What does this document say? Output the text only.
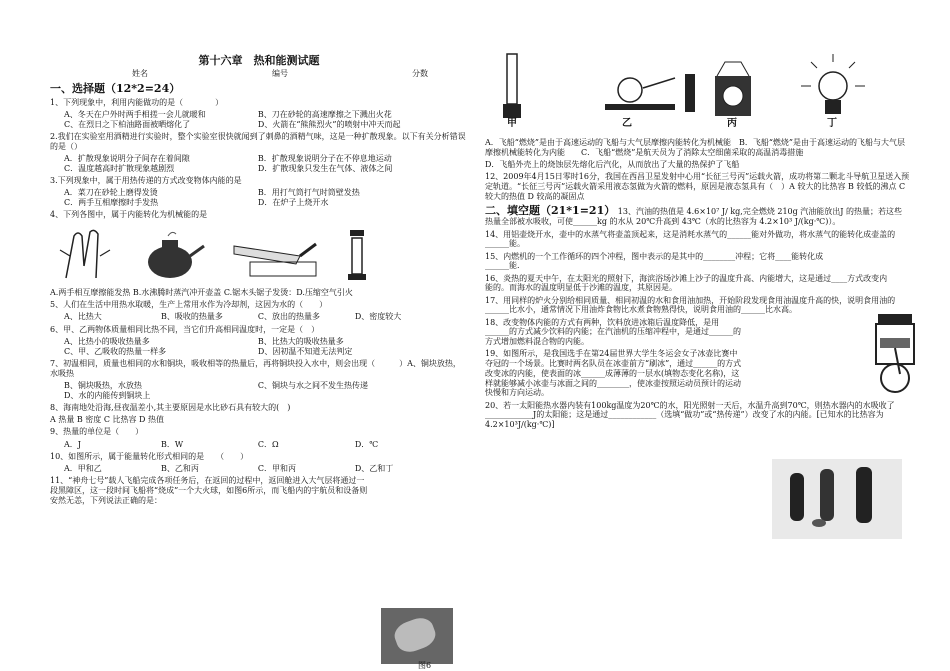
第十六章　热和能测试题
姓名	编号	分数
一、选择题（12*2=24）
1、下列现象中，利用内能做功的是（　　　　）
A、冬天在户外时两手相搓一会儿就暖和	B、刀在砂轮的高速摩擦之下溅出火花
C、在烈日之下柏油路面被晒熔化了	D、火箭在“熊熊烈火”的喷射中冲天而起
2.我们在实验室用酒精进行实验时，整个实验室很快就闻到了刺鼻的酒精气味，这是一种扩散现象。以下有关分析错误的是（）
A．扩散现象说明分子间存在着间隙	B．扩散现象说明分子在不停息地运动
C．温度越高时扩散现象越剧烈	D．扩散现象只发生在气体、液体之间
3.下列现象中，属于用热传递的方式改变物体内能的是
A．菜刀在砂轮上磨得发烫	B．用打气筒打气时筒壁发热
C．两手互相摩擦时手发热	D．在炉子上烧开水
4、下列各图中，属于内能转化为机械能的是
A.两手相互摩擦能发热 B.水沸腾时蒸汽冲开壶盖 C.锯木头锯子发烫：D.压缩空气引火
5、人们在生活中用热水取暖，生产上常用水作为冷却剂，这因为水的（　　）
A、比热大	B、吸收的热量多	C、放出的热量多	D、密度较大
6、甲、乙两物体质量相同比热不同，当它们升高相同温度时，一定是（　）
A、比热小的吸收热量多	B、比热大的吸收热量多
C、甲、乙吸收的热量一样多	D、因初温不知道无法判定
7、初温相同，质量也相同的水和铜块，吸收相等的热量后，再将铜块投入水中，则会出现（　　　）A、铜块放热，水吸热
B、铜块吸热，水放热	C、铜块与水之间不发生热传递
D、水的内能传到铜块上
8、海南地处沿海,昼夜温差小,其主要原因是水比砂石具有较大的(　)
A 热量 B 密度 C 比热容 D 热值
9、热量的单位是（　　）
A．J	B．W	C．Ω	D．℃
10、如图所示，属于能量转化形式相同的是　　（　　）
A．甲和乙	B、乙和丙	C．甲和丙	D、乙和丁
11、“神舟七号”载人飞船完成各项任务后，在返回的过程中，返回舱进入大气层将通过一段黑障区，这一段时间飞船将“烧成”一个大火球，如图6所示，而飞船内的宇航员和设备则安然无恙，下列说法正确的是：
图6
甲	乙	丙	丁
A．飞船“燃烧”是由于高速运动的飞船与大气层摩擦内能转化为机械能　B．飞船“燃烧”是由于高速运动的飞船与大气层摩擦机械能转化为内能　　C．飞船“燃烧”是航天员为了消除太空细菌采取的高温消毒措施
D．飞船外壳上的烧蚀层先熔化后汽化，从而放出了大量的热保护了飞船
12、2009年4月15日零时16分，我国在西昌卫星发射中心用“长征三号丙”运载火箭，成功将第二颗北斗导航卫星送入预定轨道。“长征三号丙”运载火箭采用液态氢做为火箭的燃料，原因是液态氢具有（　）A 较大的比热容 B 较低的沸点 C 较大的热值 D 较高的凝固点
二、填空题（21*1=21） 13、汽油的热值是 4.6×10⁷ J/ kg,完全燃烧 210g 汽油能放出J 的热量；若这些热量全部被水吸收，可使______kg 的水从 20℃升高到 43℃（水的比热容为 4.2×10³ J/(kg·℃)）。
14、用铝壶烧开水，壶中的水蒸气将壶盖顶起来，这是消耗水蒸气的______能对外做功，将水蒸气的能转化成壶盖的______能。
15、内燃机的一个工作循环的四个冲程，图中表示的是其中的________冲程；它将____能转化成______能.
16、炎热的夏天中午，在太阳光的照射下，海滨浴场沙滩上沙子的温度升高、内能增大，这是通过____方式改变内能的。而海水的温度明显低于沙滩的温度，其原因是。
17、用同样的炉火分别给相同质量、相同初温的水和食用油加热，开始阶段发现食用油温度升高的快，说明食用油的______比水小，通常情况下用油炸食物比水煮食物熟得快，说明食用油的______比水高。
18、改变物体内能的方式有两种，饮料放进冰箱后温度降低，是用______的方式减少饮料的内能；在汽油机的压缩冲程中，是通过______的方式增加燃料混合物的内能。
19、如图所示，是我国选手在第24届世界大学生冬运会女子冰壶比赛中夺冠的一个场景。比赛时两名队员在冰壶前方“刷冰”，通过______的方式改变冰的内能，使表面的冰______成薄薄的一层水(填物态变化名称)，这样就能够减小冰壶与冰面之间的________，使冰壶按照运动员预计的运动快慢和方向运动。
20、若一太阳能热水器内装有100kg温度为20℃的水，阳光照射一天后，水温升高到70℃，则热水器内的水吸收了____________J的太阳能；这是通过____________（选填“做功”或“热传递”）改变了水的内能。[已知水的比热容为4.2×10³J/(kg·℃)]
